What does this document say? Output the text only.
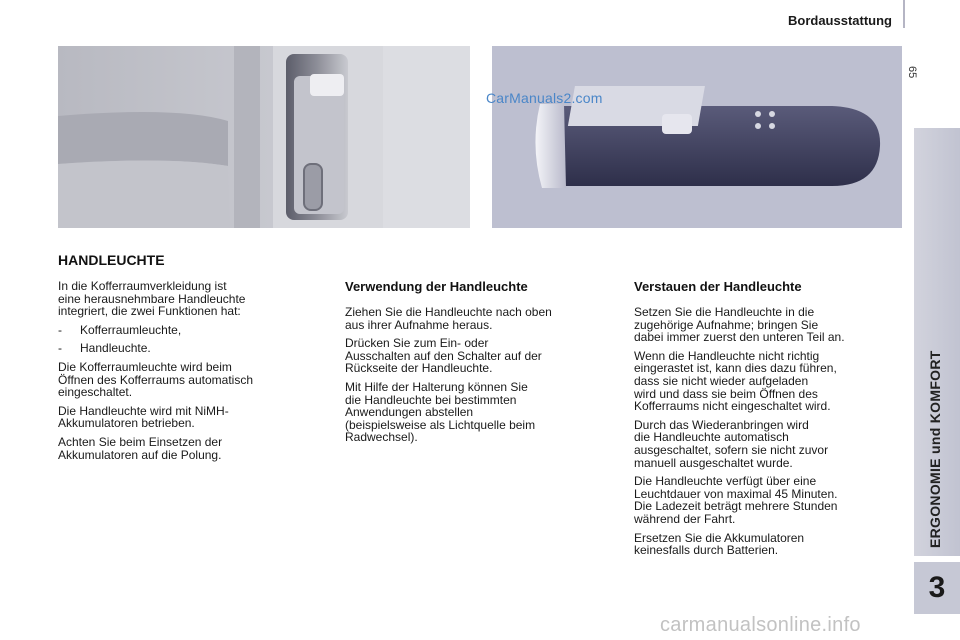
Bordausstattung
65
ERGONOMIE und KOMFORT
3
CarManuals2.com
HANDLEUCHTE

In die Kofferraumverkleidung ist
eine herausnehmbare Handleuchte
integriert, die zwei Funktionen hat:

-	Kofferraumleuchte,
-	Handleuchte.

Die Kofferraumleuchte wird beim
Öffnen des Kofferraums automatisch
eingeschaltet.

Die Handleuchte wird mit NiMH-
Akkumulatoren betrieben.

Achten Sie beim Einsetzen der
Akkumulatoren auf die Polung.

Verwendung der Handleuchte

Ziehen Sie die Handleuchte nach oben
aus ihrer Aufnahme heraus.

Drücken Sie zum Ein- oder
Ausschalten auf den Schalter auf der
Rückseite der Handleuchte.

Mit Hilfe der Halterung können Sie
die Handleuchte bei bestimmten
Anwendungen abstellen
(beispielsweise als Lichtquelle beim
Radwechsel).

Verstauen der Handleuchte

Setzen Sie die Handleuchte in die
zugehörige Aufnahme; bringen Sie
dabei immer zuerst den unteren Teil an.

Wenn die Handleuchte nicht richtig
eingerastet ist, kann dies dazu führen,
dass sie nicht wieder aufgeladen
wird und dass sie beim Öffnen des
Kofferraums nicht eingeschaltet wird.

Durch das Wiederanbringen wird
die Handleuchte automatisch
ausgeschaltet, sofern sie nicht zuvor
manuell ausgeschaltet wurde.

Die Handleuchte verfügt über eine
Leuchtdauer von maximal 45 Minuten.
Die Ladezeit beträgt mehrere Stunden
während der Fahrt.

Ersetzen Sie die Akkumulatoren
keinesfalls durch Batterien.

carmanualsonline.info
